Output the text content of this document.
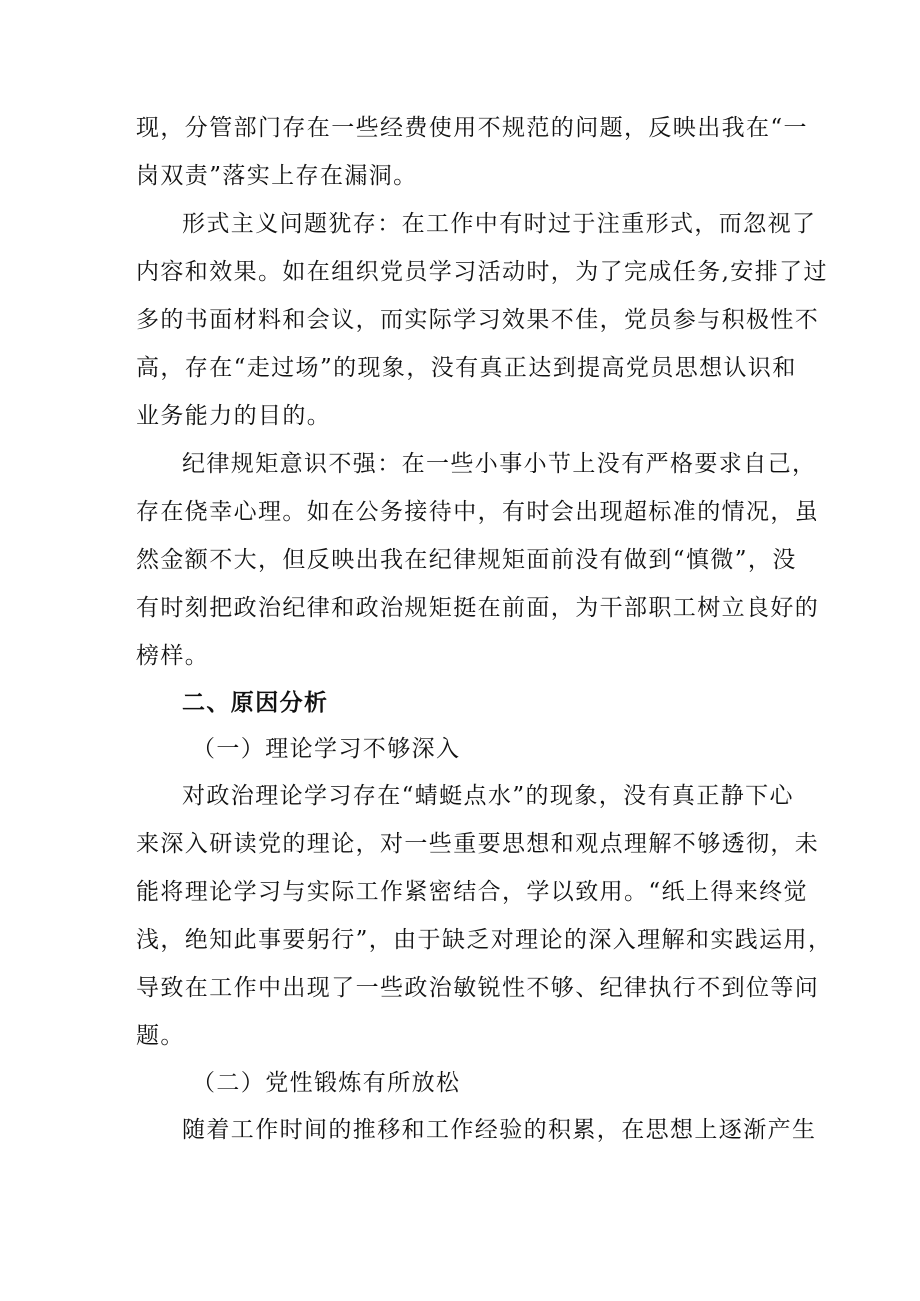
现，分管部门存在一些经费使用不规范的问题，反映出我在“一
岗双责”落实上存在漏洞。
形式主义问题犹存：在工作中有时过于注重形式，而忽视了
内容和效果。如在组织党员学习活动时，为了完成任务,安排了过
多的书面材料和会议，而实际学习效果不佳，党员参与积极性不
高，存在“走过场”的现象，没有真正达到提高党员思想认识和
业务能力的目的。
纪律规矩意识不强：在一些小事小节上没有严格要求自己，
存在侥幸心理。如在公务接待中，有时会出现超标准的情况，虽
然金额不大，但反映出我在纪律规矩面前没有做到“慎微”，没
有时刻把政治纪律和政治规矩挺在前面，为干部职工树立良好的
榜样。
二、原因分析
（一）理论学习不够深入
对政治理论学习存在“蜻蜓点水”的现象，没有真正静下心
来深入研读党的理论，对一些重要思想和观点理解不够透彻，未
能将理论学习与实际工作紧密结合，学以致用。“纸上得来终觉
浅，绝知此事要躬行”，由于缺乏对理论的深入理解和实践运用，
导致在工作中出现了一些政治敏锐性不够、纪律执行不到位等问
题。
（二）党性锻炼有所放松
随着工作时间的推移和工作经验的积累，在思想上逐渐产生
